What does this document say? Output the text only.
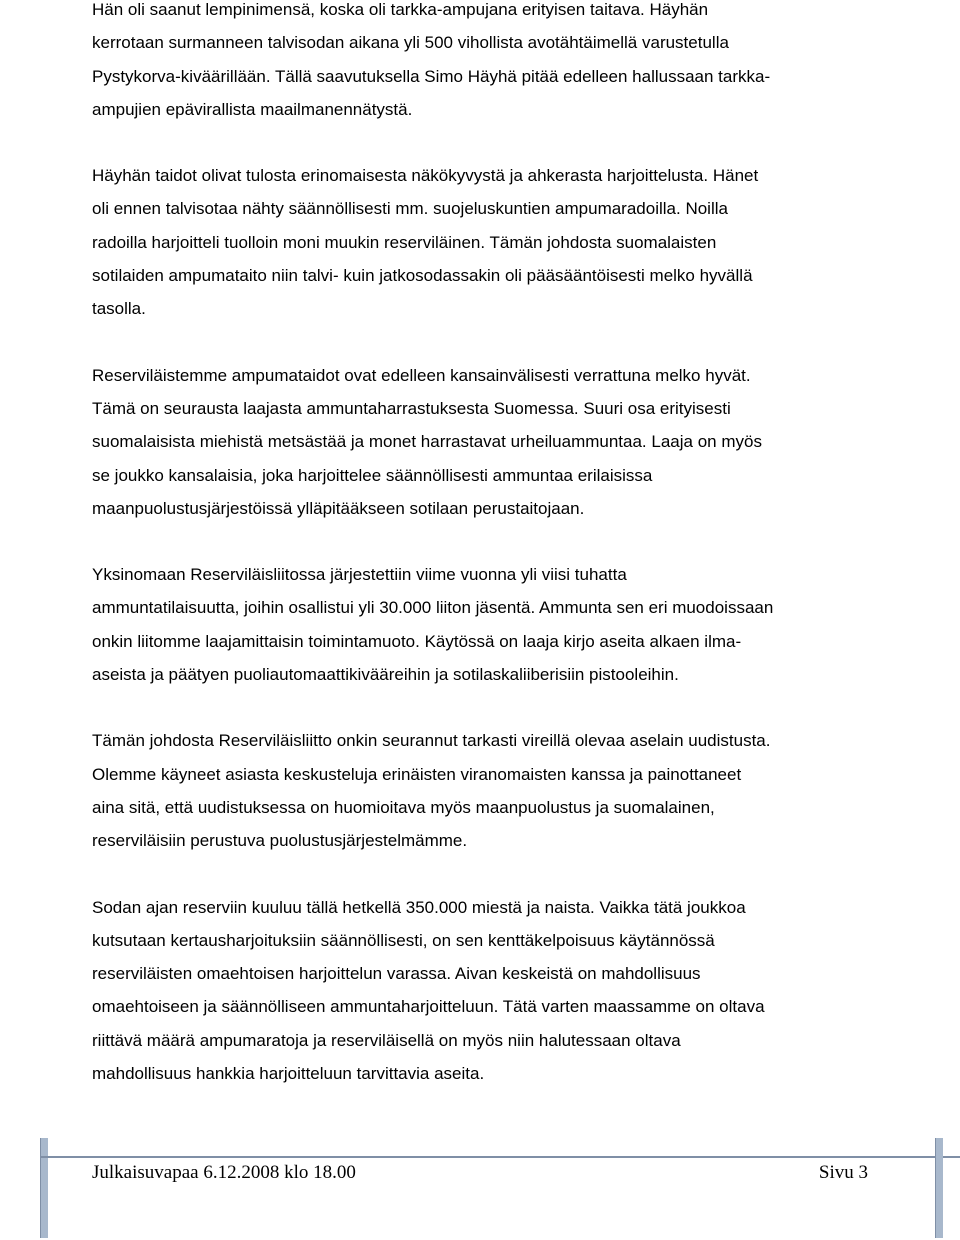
Hän oli saanut lempinimensä, koska oli tarkka-ampujana erityisen taitava. Häyhän
kerrotaan surmanneen talvisodan aikana yli 500 vihollista avotähtäimellä varustetulla
Pystykorva-kiväärillään. Tällä saavutuksella Simo Häyhä pitää edelleen hallussaan tarkka-
ampujien epävirallista maailmanennätystä.
Häyhän taidot olivat tulosta erinomaisesta näkökyvystä ja ahkerasta harjoittelusta. Hänet
oli ennen talvisotaa nähty säännöllisesti mm. suojeluskuntien ampumaradoilla. Noilla
radoilla harjoitteli tuolloin moni muukin reserviläinen. Tämän johdosta suomalaisten
sotilaiden ampumataito niin talvi- kuin jatkosodassakin oli pääsääntöisesti melko hyvällä
tasolla.
Reserviläistemme ampumataidot ovat edelleen kansainvälisesti verrattuna melko hyvät.
Tämä on seurausta laajasta ammuntaharrastuksesta Suomessa. Suuri osa erityisesti
suomalaisista miehistä metsästää ja monet harrastavat urheiluammuntaa. Laaja on myös
se joukko kansalaisia, joka harjoittelee säännöllisesti ammuntaa erilaisissa
maanpuolustusjärjestöissä ylläpitääkseen sotilaan perustaitojaan.
Yksinomaan Reserviläisliitossa järjestettiin viime vuonna yli viisi tuhatta
ammuntatilaisuutta, joihin osallistui yli 30.000 liiton jäsentä. Ammunta sen eri muodoissaan
onkin liitomme laajamittaisin toimintamuoto. Käytössä on laaja kirjo aseita alkaen ilma-
aseista ja päätyen puoliautomaattikivääreihin ja sotilaskaliiberisiin pistooleihin.
Tämän johdosta Reserviläisliitto onkin seurannut tarkasti vireillä olevaa aselain uudistusta.
Olemme käyneet asiasta keskusteluja erinäisten viranomaisten kanssa ja painottaneet
aina sitä, että uudistuksessa on huomioitava myös maanpuolustus ja suomalainen,
reserviläisiin perustuva puolustusjärjestelmämme.
Sodan ajan reserviin kuuluu tällä hetkellä 350.000 miestä ja naista. Vaikka tätä joukkoa
kutsutaan kertausharjoituksiin säännöllisesti, on sen kenttäkelpoisuus käytännössä
reserviläisten omaehtoisen harjoittelun varassa. Aivan keskeistä on mahdollisuus
omaehtoiseen ja säännölliseen ammuntaharjoitteluun. Tätä varten maassamme on oltava
riittävä määrä ampumaratoja ja reserviläisellä on myös niin halutessaan oltava
mahdollisuus hankkia harjoitteluun tarvittavia aseita.
Julkaisuvapaa 6.12.2008 klo 18.00	Sivu 3
